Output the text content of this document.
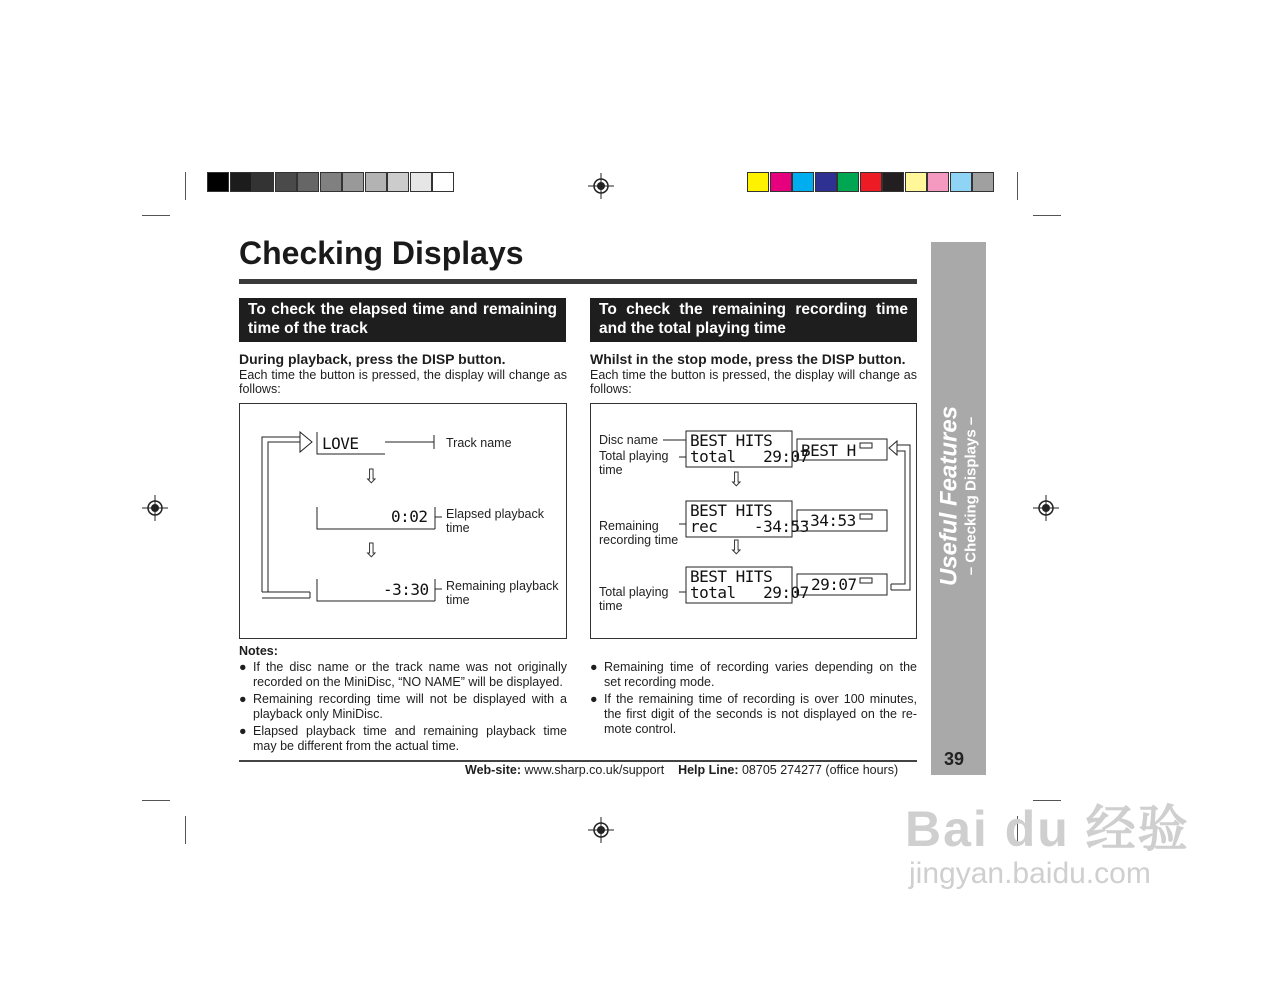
Checking Displays
To check the elapsed time and remaining time of the track
To check the remaining recording time and the total playing time
During playback, press the DISP button.
Each time the button is pressed, the display will change as follows:
Whilst in the stop mode, press the DISP button.
Each time the button is pressed, the display will change as follows:
LOVE	Track name
⇩
0:02 Elapsed playback time
⇩
-3:30 Remaining playback time
Disc name
Total playing time
Remaining recording time
Total playing time
BEST HITS
total   29:07
BEST HITS
rec    -34:53
BEST HITS
total   29:07
BEST H
-34:53
29:07
⇩
⇩
Notes:
● If the disc name or the track name was not originally recorded on the MiniDisc, “NO NAME” will be displayed.
● Remaining recording time will not be displayed with a playback only MiniDisc.
● Elapsed playback time and remaining playback time may be different from the actual time.
● Remaining time of recording varies depending on the set recording mode.
● If the remaining time of recording is over 100 minutes, the first digit of the seconds is not displayed on the re-mote control.
Web-site: www.sharp.co.uk/support Help Line: 08705 274277 (office hours)
Useful Features – Checking Displays –
39
Bai du 经验
jingyan.baidu.com
